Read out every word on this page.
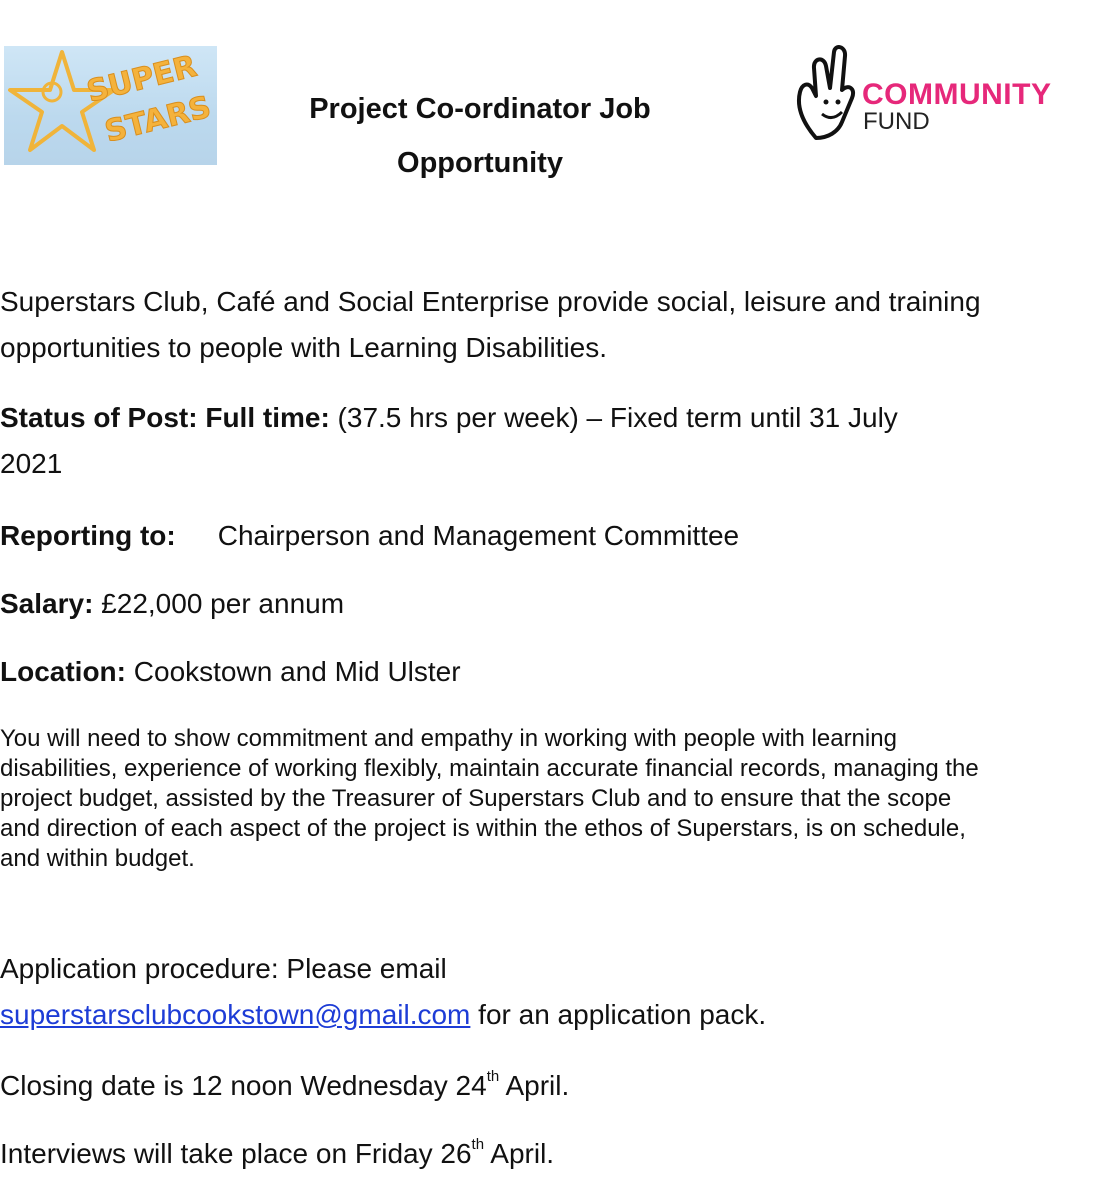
SUPER
STARS	Project Co-ordinator Job
Opportunity
COMMUNITY
FUND

Superstars Club, Café and Social Enterprise provide social, leisure and training opportunities to people with Learning Disabilities.

Status of Post: Full time: (37.5 hrs per week) – Fixed term until 31 July 2021

Reporting to: Chairperson and Management Committee

Salary: £22,000 per annum

Location: Cookstown and Mid Ulster

You will need to show commitment and empathy in working with people with learning disabilities, experience of working flexibly, maintain accurate financial records, managing the project budget, assisted by the Treasurer of Superstars Club and to ensure that the scope and direction of each aspect of the project is within the ethos of Superstars, is on schedule, and within budget.

Application procedure: Please email
superstarsclubcookstown@gmail.com for an application pack.

Closing date is 12 noon Wednesday 24th April.

Interviews will take place on Friday 26th April.
